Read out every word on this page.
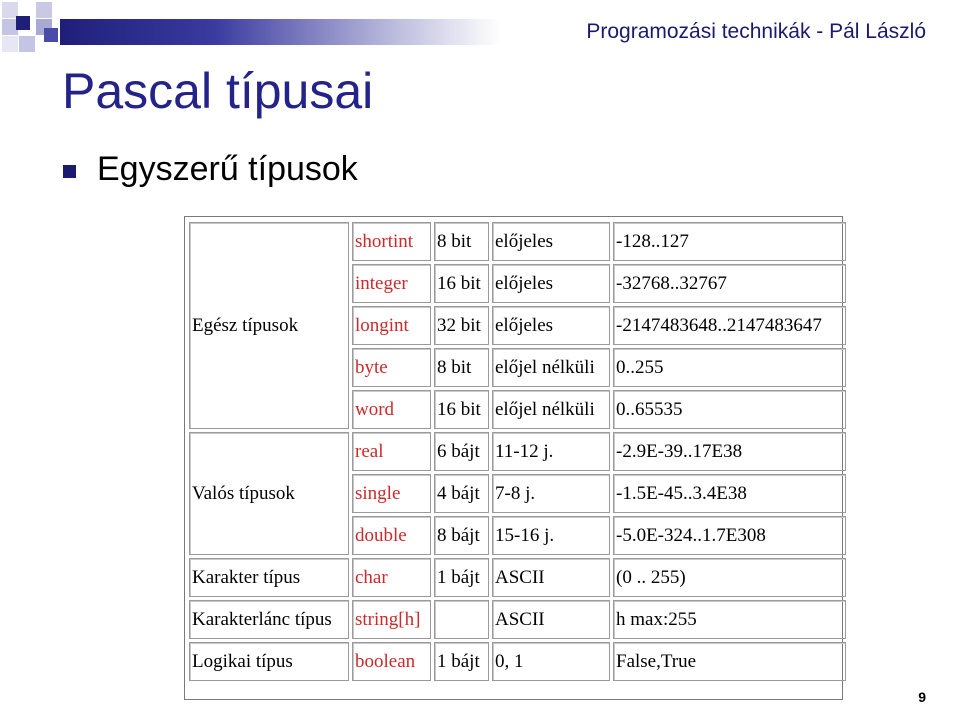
Programozási technikák - Pál László
Pascal típusai
Egyszerű típusok
Egész típusok	shortint	8 bit	előjeles	-128..127
	integer	16 bit	előjeles	-32768..32767
	longint	32 bit	előjeles	-2147483648..2147483647
	byte	8 bit	előjel nélküli	0..255
	word	16 bit	előjel nélküli	0..65535
Valós típusok	real	6 bájt	11-12 j.	-2.9E-39..17E38
	single	4 bájt	7-8 j.	-1.5E-45..3.4E38
	double	8 bájt	15-16 j.	-5.0E-324..1.7E308
Karakter típus	char	1 bájt	ASCII	(0 .. 255)
Karakterlánc típus	string[h]		ASCII	h max:255
Logikai típus	boolean	1 bájt	0, 1	False,True
9
